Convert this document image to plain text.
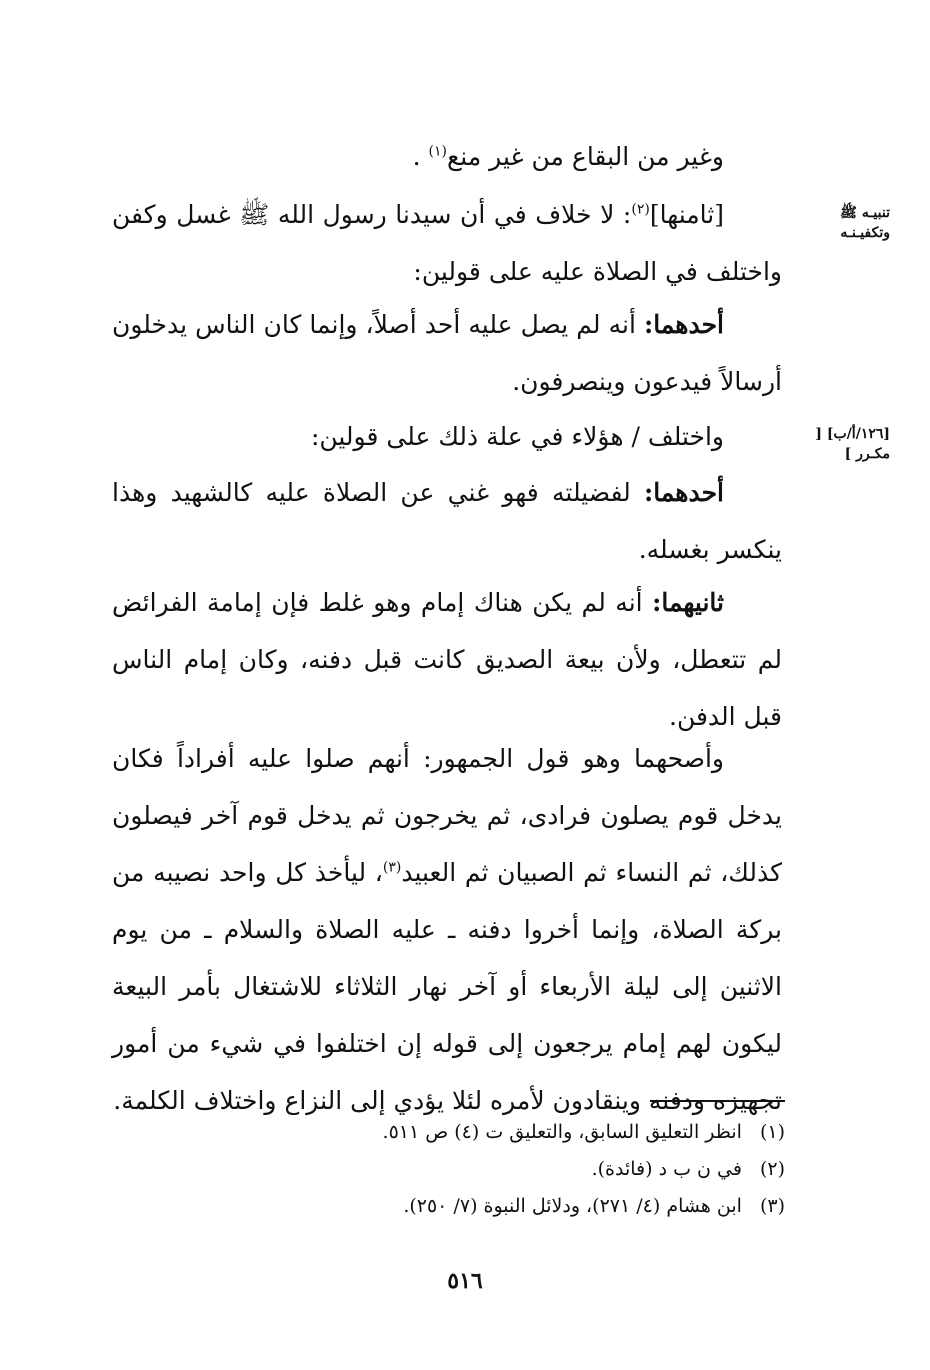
وغير من البقاع من غير منع$^{(١)}$ .

[ثامنها]$^{(٢)}$: لا خلاف في أن سيدنا رسول الله ﷺ غسل وكفن واختلف في الصلاة عليه على قولين:

تنبيـه ﷺ وتكفيـنـه

أحدهما: أنه لم يصل عليه أحد أصلاً، وإنما كان الناس يدخلون أرسالاً فيدعون وينصرفون.

واختلف / هؤلاء في علة ذلك على قولين:	[١٢٦/أ/ب] [ مكـرر ]

أحدهما: لفضيلته فهو غني عن الصلاة عليه كالشهيد وهذا ينكسر بغسله.

ثانيهما: أنه لم يكن هناك إمام وهو غلط فإن إمامة الفرائض لم تتعطل، ولأن بيعة الصديق كانت قبل دفنه، وكان إمام الناس قبل الدفن.

وأصحهما وهو قول الجمهور: أنهم صلوا عليه أفراداً فكان يدخل قوم يصلون فرادى، ثم يخرجون ثم يدخل قوم آخر فيصلون كذلك، ثم النساء ثم الصبيان ثم العبيد$^{(٣)}$، ليأخذ كل واحد نصيبه من بركة الصلاة، وإنما أخروا دفنه ـ عليه الصلاة والسلام ـ من يوم الاثنين إلى ليلة الأربعاء أو آخر نهار الثلاثاء للاشتغال بأمر البيعة ليكون لهم إمام يرجعون إلى قوله إن اختلفوا في شيء من أمور تجهيزه ودفنه وينقادون لأمره لئلا يؤدي إلى النزاع واختلاف الكلمة.

(١)انظر التعليق السابق، والتعليق ت (٤) ص ٥١١.

(٢)في ن ب د (فائدة).

(٣)ابن هشام (٤/ ٢٧١)، ودلائل النبوة (٧/ ٢٥٠).

٥١٦
